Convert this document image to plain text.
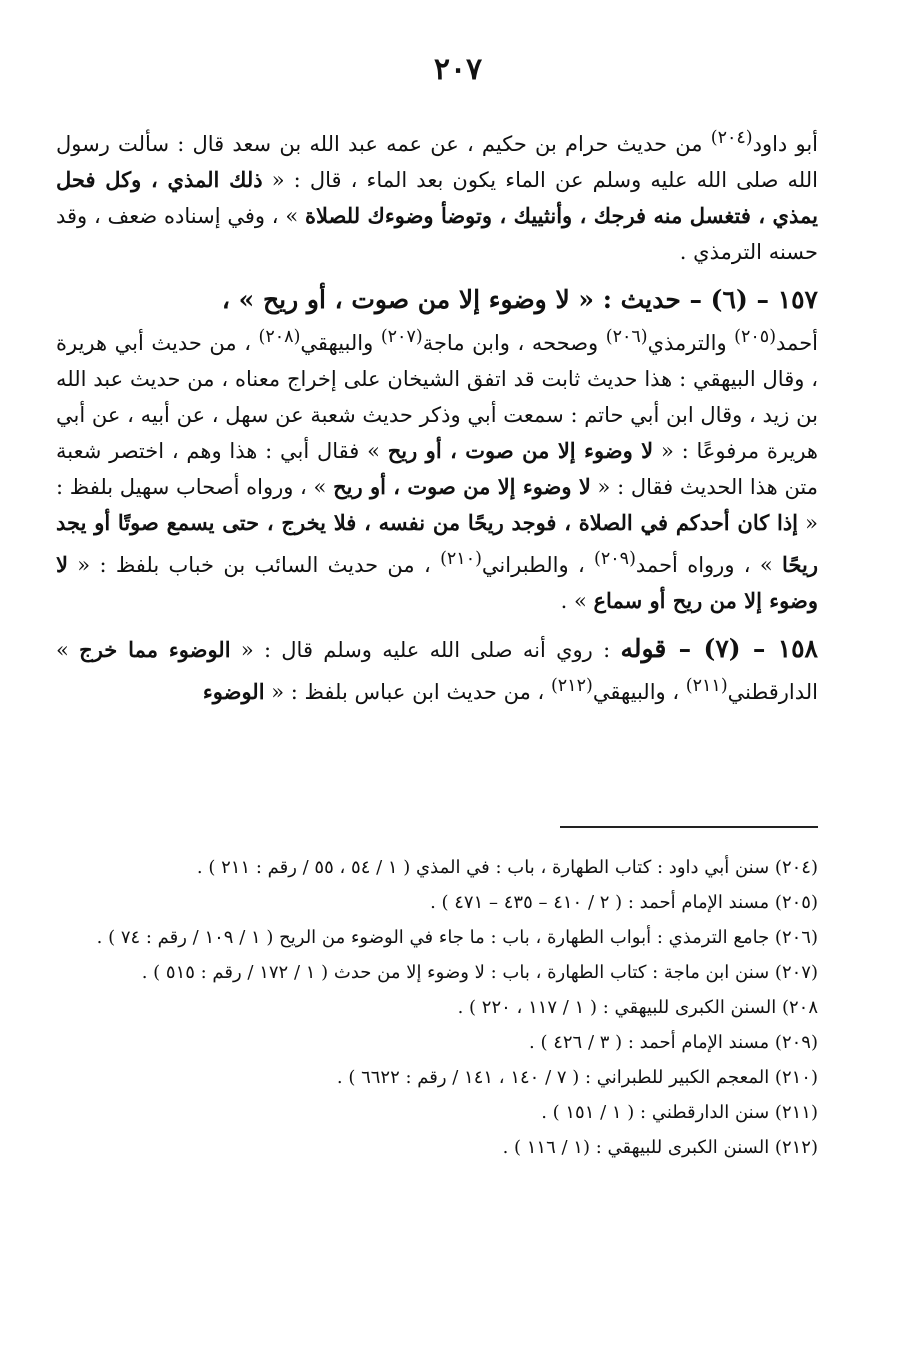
٢٠٧

أبو داود$^{(٢٠٤)}$ من حديث حرام بن حكيم ، عن عمه عبد الله بن سعد قال : سألت رسول الله صلى الله عليه وسلم عن الماء يكون بعد الماء ، قال : « ذلك المذي ، وكل فحل يمذي ، فتغسل منه فرجك ، وأنثييك ، وتوضأ وضوءك للصلاة » ، وفي إسناده ضعف ، وقد حسنه الترمذي .

١٥٧ – (٦) – حديث : « لا وضوء إلا من صوت ، أو ريح » ،
أحمد$^{(٢٠٥)}$ والترمذي$^{(٢٠٦)}$ وصححه ، وابن ماجة$^{(٢٠٧)}$ والبيهقي$^{(٢٠٨)}$ ، من حديث أبي هريرة ، وقال البيهقي : هذا حديث ثابت قد اتفق الشيخان على إخراج معناه ، من حديث عبد الله بن زيد ، وقال ابن أبي حاتم : سمعت أبي وذكر حديث شعبة عن سهل ، عن أبيه ، عن أبي هريرة مرفوعًا : « لا وضوء إلا من صوت ، أو ريح » فقال أبي : هذا وهم ، اختصر شعبة متن هذا الحديث فقال : « لا وضوء إلا من صوت ، أو ريح » ، ورواه أصحاب سهيل بلفظ : « إذا كان أحدكم في الصلاة ، فوجد ريحًا من نفسه ، فلا يخرج ، حتى يسمع صوتًا أو يجد ريحًا » ، ورواه أحمد$^{(٢٠٩)}$ ، والطبراني$^{(٢١٠)}$ ، من حديث السائب بن خباب بلفظ : « لا وضوء إلا من ريح أو سماع » .

١٥٨ – (٧) – قوله : روي أنه صلى الله عليه وسلم قال : « الوضوء مما خرج » الدارقطني$^{(٢١١)}$ ، والبيهقي$^{(٢١٢)}$ ، من حديث ابن عباس بلفظ : « الوضوء

(٢٠٤) سنن أبي داود : كتاب الطهارة ، باب : في المذي ( ١ / ٥٤ ، ٥٥ / رقم : ٢١١ ) .
(٢٠٥) مسند الإمام أحمد : ( ٢ / ٤١٠ – ٤٣٥ – ٤٧١ ) .
(٢٠٦) جامع الترمذي : أبواب الطهارة ، باب : ما جاء في الوضوء من الريح ( ١ / ١٠٩ / رقم : ٧٤ ) .
(٢٠٧) سنن ابن ماجة : كتاب الطهارة ، باب : لا وضوء إلا من حدث ( ١ / ١٧٢ / رقم : ٥١٥ ) .
٢٠٨) السنن الكبرى للبيهقي : ( ١ / ١١٧ ، ٢٢٠ ) .
(٢٠٩) مسند الإمام أحمد : ( ٣ / ٤٢٦ ) .
(٢١٠) المعجم الكبير للطبراني : ( ٧ / ١٤٠ ، ١٤١ / رقم : ٦٦٢٢ ) .
(٢١١) سنن الدارقطني : ( ١ / ١٥١ ) .
(٢١٢) السنن الكبرى للبيهقي : (١ / ١١٦ ) .
